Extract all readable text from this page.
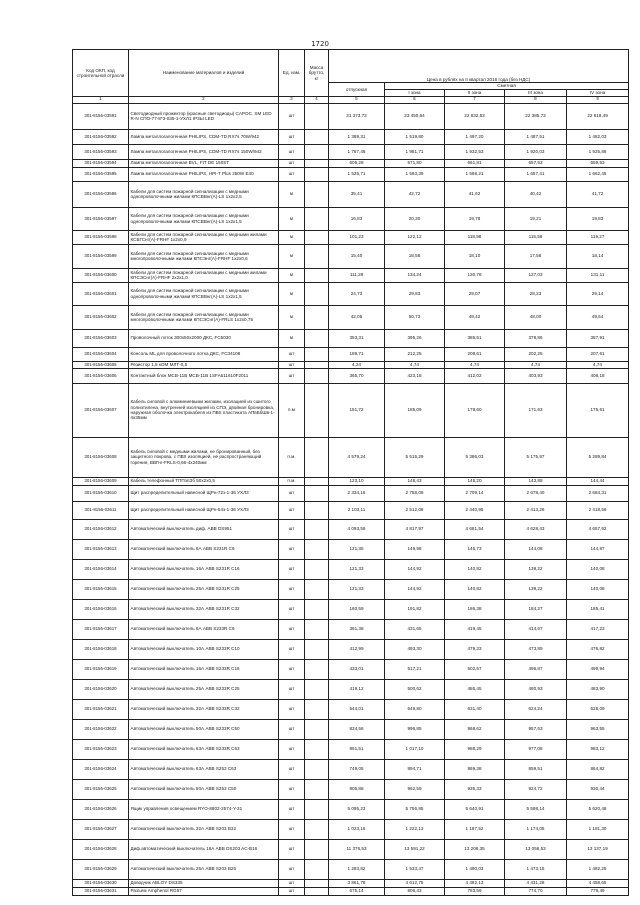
1720
Код ОКП, код строительной отрасли	Наименование материалов и изделий	Ед. изм.	Масса брутто, кг	Цена в рублях на II квартал 2016 года (без НДС)				
				отпускная	Сметная			
					I зона	II зона	III зона	IV зона
1	2	3	4	5	6	7	8	9
301-8156-03591	Светодиодный прожектор (красные светодиоды) CAPOC. SM LED R-N СПО-77-8*3-035-1-УХЛ1 IP3Ы LED	шт		21 373,73	23 450,64	22 832,53	22 385,73	22 619,49
301-8156-03592	Лампа металлогалогенная PHILIPS, CDM-TD RX7s 70W/942	шт		1 389,31	1 519,80	1 497,20	1 487,51	1 482,03
301-8156-03593	Лампа металлогалогенная PHILIPS, CDM-TD RX7s 150W/942	шт		1 767,46	1 981,71	1 932,53	1 920,03	1 925,86
301-8156-03594	Лампа металлогалогенная BVL, FIT DE 150ST	шт		605,28	671,80	661,81	657,53	659,53
301-8156-03595	Лампа металлогалогенная PHILIPS, HPI-T Plus 250W E40	шт		1 525,71	1 593,39	1 568,21	1 657,41	1 662,45
301-8156-03596	Кабели для систем пожарной сигнализации с медными однопроволочными жилами КПСВВнг(А)-LS 1х2х2,5	м		35,41	42,72	41,62	40,42	41,72
301-8156-03597	Кабели для систем пожарной сигнализации с медными однопроволочными жилами КПСВВнг(А)-LS 1х2х1,5	м		16,83	20,30	19,78	19,21	19,83
301-8156-03598	Кабели для систем пожарной сигнализации с медными жилами КСБГСнг(А)-FRHF 1х2х0,9	м		101,23	122,12	118,98	115,56	119,27
301-8156-03599	Кабели для систем пожарной сигнализации с медными многопроволочными жилами КПСЭнг(А)-FRHF 1х2х0,6	м		15,40	18,58	18,10	17,58	18,14
301-8156-03600	Кабели для систем пожарной сигнализации с медными жилами КПСЭСнг(А)-FRHF 2х2х1,0	м		111,28	134,24	130,78	127,03	131,11
301-8156-03601	Кабели для систем пожарной сигнализации с медными однопроволочными жилами КПСВВнг(А)-LS 1х2х1,5	м		24,73	29,83	29,07	28,23	29,14
301-8156-03602	Кабели для систем пожарной сигнализации с медными многопроволочными жилами КПСЭСнг(А)-FRLS 1х2х0,75	м		42,05	50,73	49,42	48,00	49,54
301-8156-03603	Проволочный лоток 300х50х2000 ДКС, FC5030	м		353,31	395,26	385,51	378,86	387,91
301-8156-03604	Консоль ML для проволочного лотка ДКС, FC34108	шт		189,71	212,25	208,61	202,25	207,61
301-8156-03605	Резистор 1,5 кОМ МЛТ-0,5	шт		4,24	4,74	4,74	4,74	4,74
301-8156-03606	Контактный блок MCB-11B MCB-11B 1SFA611610F2011	шт		365,70	423,18	412,02	403,93	408,18
301-8156-03607	Кабель силовой с алюминиевыми жилами, изолацией из сшитого полиэтилена, внутренней изоляцией из СПЭ, двойная бронировка, наружная оболочка электрокабеля из ПВХ пластиката АПвБбШв-1-4х35мм	п.м		151,72	185,09	178,60	171,63	175,61
301-8156-03608	Кабель силовой с медными жилами, не бронированный, без защитного покрова, с ПВХ изоляцией, не распространяющий горения, ВВГнг-FRLS-0,66-4х240мм	п.м.		4 579,24	5 515,29	5 386,03	5 175,97	5 289,84
301-8156-03609	Кабель телефонный ТППэпЗб 50х2х0,5	п.м.		123,10	148,43	145,20	143,88	144,44
301-8156-03610	Щит распределительный навесной ЩРн-72з-1-36 УХЛ3	шт		2 334,16	2 758,09	2 709,14	2 678,40	2 684,31
301-8156-03611	Щит распределительный навесной ЩРн-54з-1-36 УХЛ3	шт		2 103,11	2 512,08	2 440,95	2 413,26	2 418,56
301-8156-03612	Автоматический выключатель диф. ABB DS951	шт		4 093,59	4 817,97	4 681,54	4 628,43	4 657,92
301-8156-03613	Автоматический выключатель 6А ABB S231R C6	шт		121,35	149,98	145,73	144,08	144,87
301-8156-03614	Автоматический выключатель 16А ABB S231R C16	шт		121,33	144,92	140,82	139,22	140,08
301-8156-03615	Автоматический выключатель 25А ABB S231R C25	шт		121,33	144,92	140,82	139,22	140,08
301-8156-03616	Автоматический выключатель 32А ABB S231R C32	шт		160,59	191,82	186,38	184,27	185,41
301-8156-03617	Автоматический выключатель 6А ABB S233R C6	шт		361,38	431,65	419,45	414,67	417,23
301-8156-03618	Автоматический выключатель 10А ABB S233R C10	шт		412,99	493,30	479,33	473,89	476,82
301-8156-03619	Автоматический выключатель 16А ABB S233R C16	шт		433,01	517,21	502,57	496,87	499,94
301-8156-03620	Автоматический выключатель 25А ABB S233R C25	шт		419,12	500,62	486,45	480,93	483,90
301-8156-03621	Автоматический выключатель 32А ABB S233R C32	шт		544,01	649,80	631,40	624,24	628,09
301-8156-03622	Автоматический выключатель 50А ABB S233R C50	шт		834,56	996,85	968,62	957,63	963,55
301-8156-03623	Автоматический выключатель 63А ABB S233R C63	шт		851,51	1 017,10	988,29	977,08	983,12
301-8156-03624	Автоматический выключатель 63А ABB S253 C63	шт		749,05	894,71	869,38	859,51	864,82
301-8156-03625	Автоматический выключатель 50А ABB S253 C50	шт		805,88	962,59	935,33	924,72	930,44
301-8156-03626	Ящик управления освещением RYO-8802-2574-Y-31	шт		5 095,23	5 756,85	5 640,91	5 598,14	5 620,48
301-8156-03627	Автоматический выключатель 32А ABB S203 B32	шт		1 023,16	1 222,13	1 187,52	1 174,05	1 181,30
301-8156-03628	Диф.автоматический выключатель 16А ABB DS203 AC-B16	шт		11 376,53	13 591,22	13 206,35	13 056,53	13 137,19
301-8156-03629	Автоматический выключатель 25А ABB S203 B25	шт		1 283,82	1 533,47	1 490,03	1 473,15	1 482,25
301-8156-03630	Доводчик ABLOY DS335	шт		3 861,78	4 612,75	4 482,13	4 431,28	4 458,65
301-8156-03631	Разъем Amphenol RG57	шт		675,14	806,43	783,59	774,70	779,49
